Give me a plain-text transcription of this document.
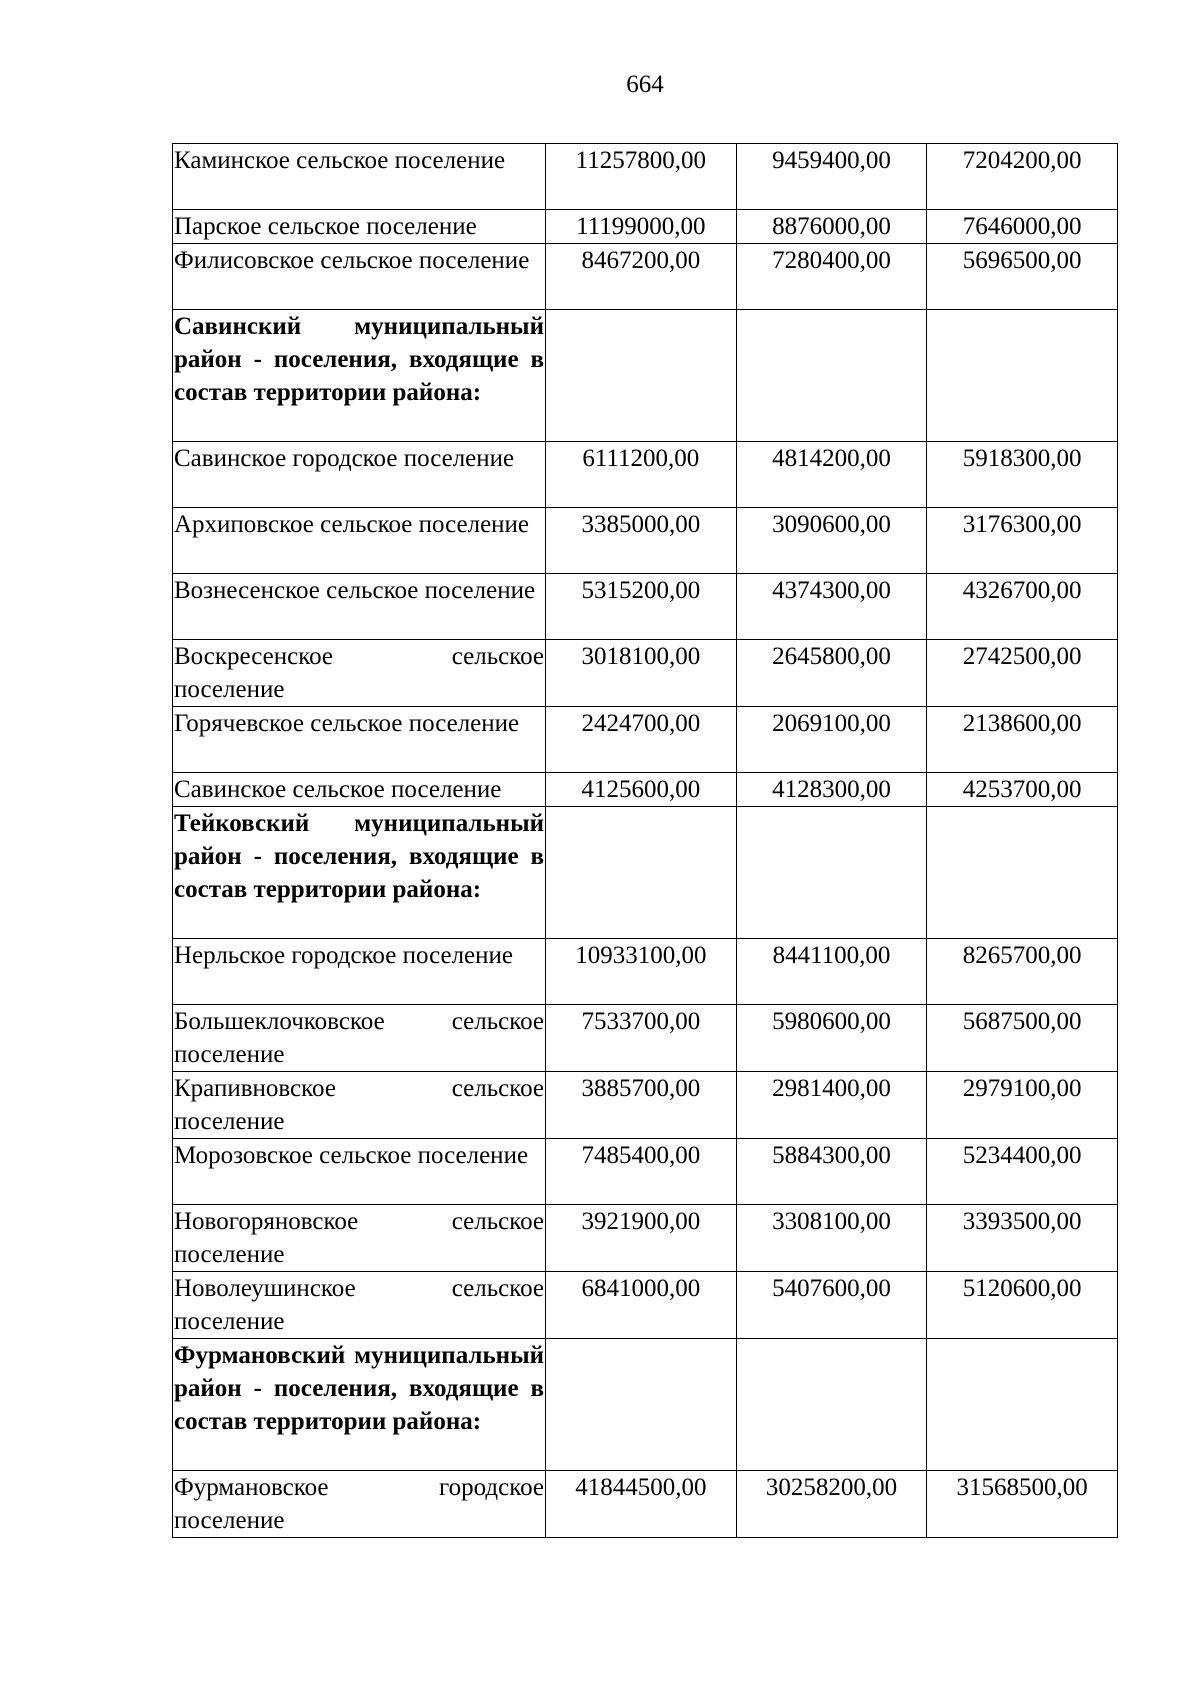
664
Каминское сельское поселение	11257800,00	9459400,00	7204200,00
Парское сельское поселение	11199000,00	8876000,00	7646000,00
Филисовское сельское поселение	8467200,00	7280400,00	5696500,00
Савинский муниципальный район - поселения, входящие в состав территории района:			
Савинское городское поселение	6111200,00	4814200,00	5918300,00
Архиповское сельское поселение	3385000,00	3090600,00	3176300,00
Вознесенское сельское поселение	5315200,00	4374300,00	4326700,00
Воскресенское сельское поселение	3018100,00	2645800,00	2742500,00
Горячевское сельское поселение	2424700,00	2069100,00	2138600,00
Савинское сельское поселение	4125600,00	4128300,00	4253700,00
Тейковский муниципальный район - поселения, входящие в состав территории района:			
Нерльское городское поселение	10933100,00	8441100,00	8265700,00
Большеклочковское сельское поселение	7533700,00	5980600,00	5687500,00
Крапивновское сельское поселение	3885700,00	2981400,00	2979100,00
Морозовское сельское поселение	7485400,00	5884300,00	5234400,00
Новогоряновское сельское поселение	3921900,00	3308100,00	3393500,00
Новолеушинское сельское поселение	6841000,00	5407600,00	5120600,00
Фурмановский муниципальный район - поселения, входящие в состав территории района:			
Фурмановское городское поселение	41844500,00	30258200,00	31568500,00
